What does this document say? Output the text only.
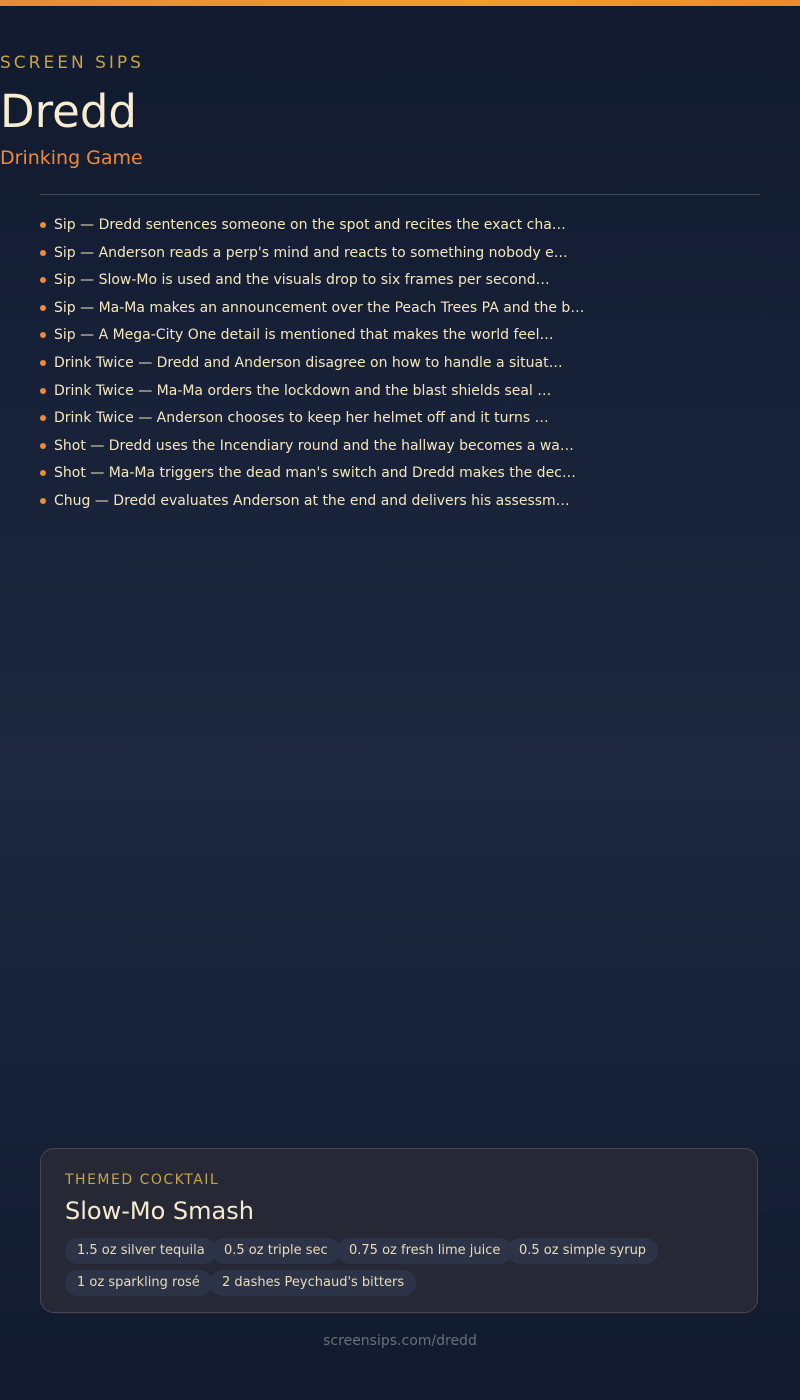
SCREEN SIPS
Dredd
Drinking Game
Sip — Dredd sentences someone on the spot and recites the exact cha…
Sip — Anderson reads a perp's mind and reacts to something nobody e…
Sip — Slow-Mo is used and the visuals drop to six frames per second…
Sip — Ma-Ma makes an announcement over the Peach Trees PA and the b…
Sip — A Mega-City One detail is mentioned that makes the world feel…
Drink Twice — Dredd and Anderson disagree on how to handle a situat…
Drink Twice — Ma-Ma orders the lockdown and the blast shields seal …
Drink Twice — Anderson chooses to keep her helmet off and it turns …
Shot — Dredd uses the Incendiary round and the hallway becomes a wa…
Shot — Ma-Ma triggers the dead man's switch and Dredd makes the dec…
Chug — Dredd evaluates Anderson at the end and delivers his assessm…
THEMED COCKTAIL
Slow-Mo Smash
1.5 oz silver tequila	0.5 oz triple sec	0.75 oz fresh lime juice	0.5 oz simple syrup
1 oz sparkling rosé	2 dashes Peychaud's bitters
screensips.com/dredd
